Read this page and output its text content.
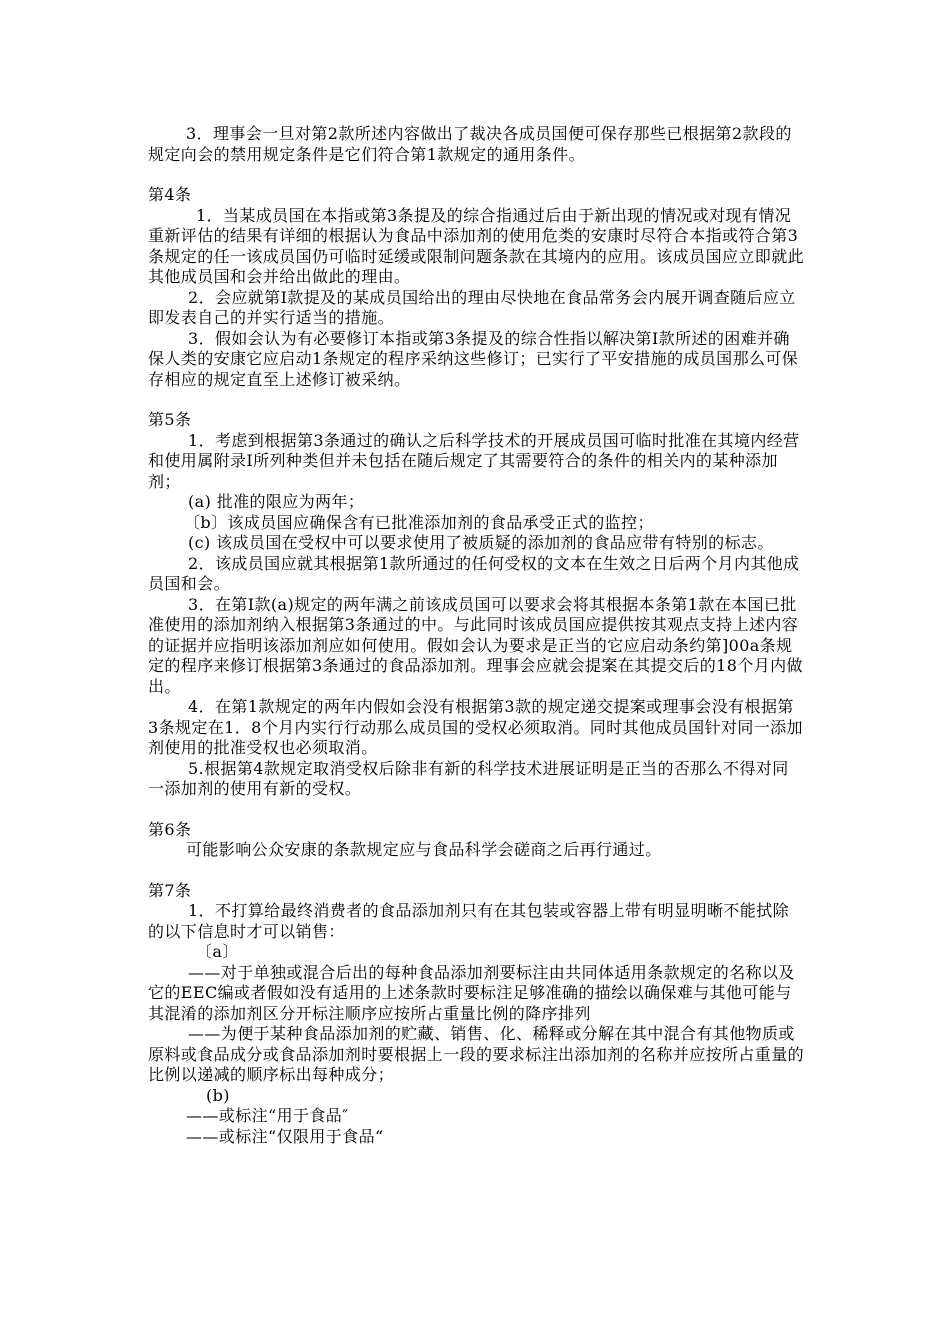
3．理事会一旦对第2款所述内容做出了裁决各成员国便可保存那些已根据第2款段的规定向会的禁用规定条件是它们符合第1款规定的通用条件。

第4条

1．当某成员国在本指或第3条提及的综合指通过后由于新出现的情况或对现有情况重新评估的结果有详细的根据认为食品中添加剂的使用危类的安康时尽符合本指或符合第3条规定的任一该成员国仍可临时延缓或限制问题条款在其境内的应用。该成员国应立即就此其他成员国和会并给出做此的理由。

2．会应就第I款提及的某成员国给出的理由尽快地在食品常务会内展开调查随后应立即发表自己的并实行适当的措施。

3．假如会认为有必要修订本指或第3条提及的综合性指以解决第I款所述的困难并确保人类的安康它应启动1条规定的程序采纳这些修订；已实行了平安措施的成员国那么可保存相应的规定直至上述修订被采纳。

第5条

1．考虑到根据第3条通过的确认之后科学技术的开展成员国可临时批准在其境内经营和使用属附录I所列种类但并未包括在随后规定了其需要符合的条件的相关内的某种添加剂；

(a) 批准的限应为两年；

〔b〕该成员国应确保含有已批准添加剂的食品承受正式的监控；

(c) 该成员国在受权中可以要求使用了被质疑的添加剂的食品应带有特别的标志。

2．该成员国应就其根据第1款所通过的任何受权的文本在生效之日后两个月内其他成员国和会。

3．在第I款(a)规定的两年满之前该成员国可以要求会将其根据本条第1款在本国已批准使用的添加剂纳入根据第3条通过的中。与此同时该成员国应提供按其观点支持上述内容的证据并应指明该添加剂应如何使用。假如会认为要求是正当的它应启动条约第]00a条规定的程序来修订根据第3条通过的食品添加剂。理事会应就会提案在其提交后的18个月内做出。

4．在第1款规定的两年内假如会没有根据第3款的规定递交提案或理事会没有根据第3条规定在1．8个月内实行行动那么成员国的受权必须取消。同时其他成员国针对同一添加剂使用的批准受权也必须取消。

5.根据第4款规定取消受权后除非有新的科学技术进展证明是正当的否那么不得对同一添加剂的使用有新的受权。

第6条

可能影响公众安康的条款规定应与食品科学会磋商之后再行通过。

第7条

1．不打算给最终消费者的食品添加剂只有在其包装或容器上带有明显明晰不能拭除的以下信息时才可以销售：

〔a〕

——对于单独或混合后出的每种食品添加剂要标注由共同体适用条款规定的名称以及它的EEC编或者假如没有适用的上述条款时要标注足够准确的描绘以确保难与其他可能与其混淆的添加剂区分开标注顺序应按所占重量比例的降序排列

——为便于某种食品添加剂的贮藏、销售、化、稀释或分解在其中混合有其他物质或原料或食品成分或食品添加剂时要根据上一段的要求标注出添加剂的名称并应按所占重量的比例以递减的顺序标出每种成分；

(b)

——或标注“用于食品″

——或标注“仅限用于食品“
